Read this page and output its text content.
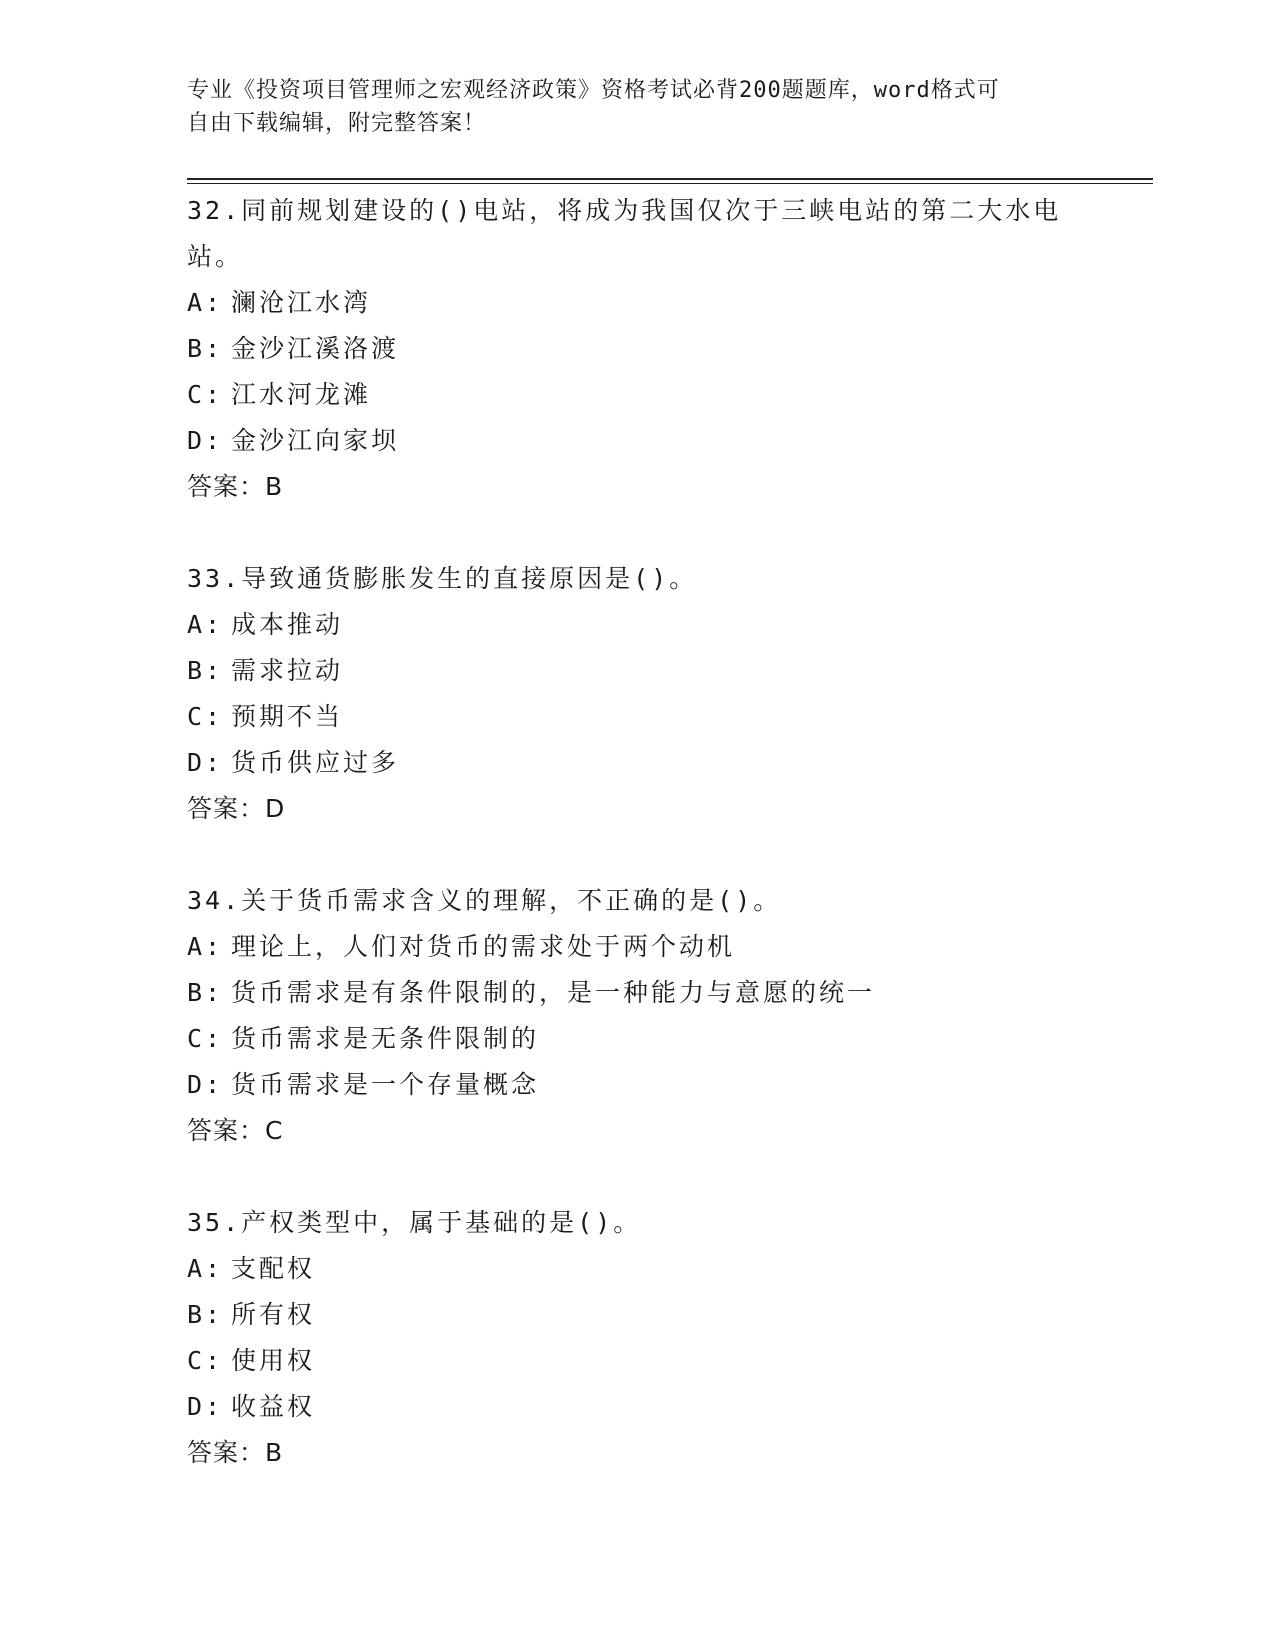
专业《投资项目管理师之宏观经济政策》资格考试必背200题题库，word格式可
自由下载编辑，附完整答案！
32.同前规划建设的()电站，将成为我国仅次于三峡电站的第二大水电
站。
A: 澜沧江水湾
B: 金沙江溪洛渡
C: 江水河龙滩
D: 金沙江向家坝
答案：B
33.导致通货膨胀发生的直接原因是()。
A: 成本推动
B: 需求拉动
C: 预期不当
D: 货币供应过多
答案：D
34.关于货币需求含义的理解，不正确的是()。
A: 理论上，人们对货币的需求处于两个动机
B: 货币需求是有条件限制的，是一种能力与意愿的统一
C: 货币需求是无条件限制的
D: 货币需求是一个存量概念
答案：C
35.产权类型中，属于基础的是()。
A: 支配权
B: 所有权
C: 使用权
D: 收益权
答案：B
